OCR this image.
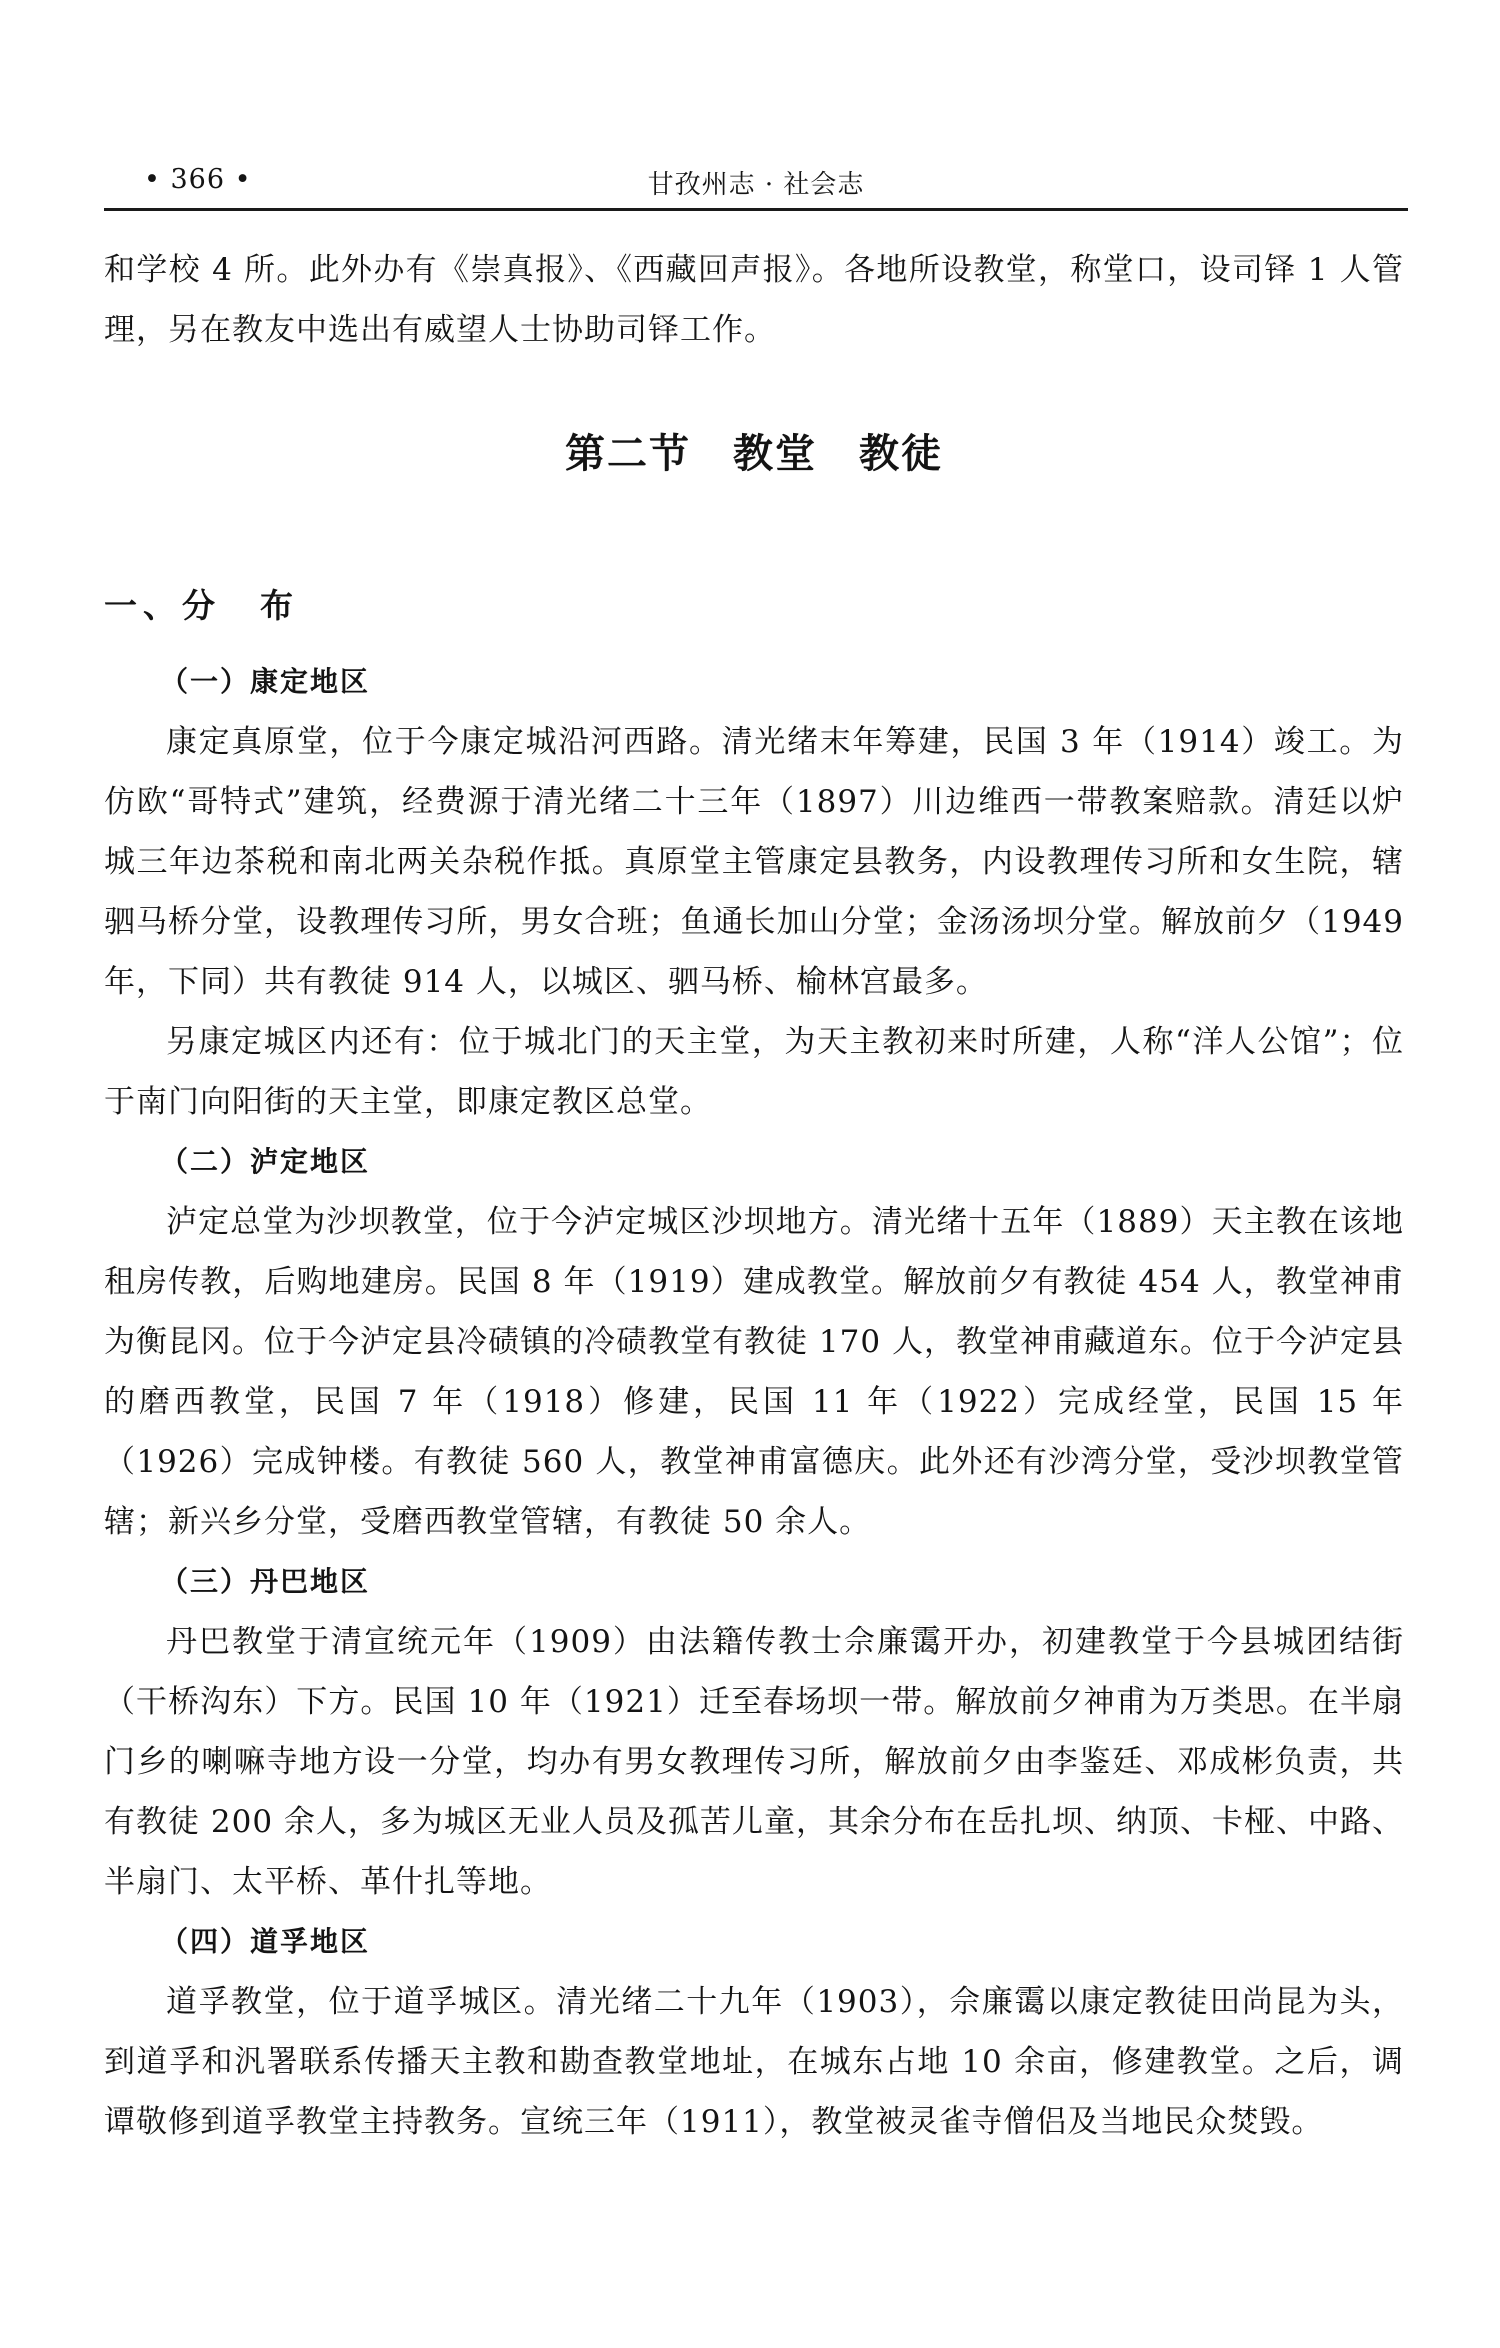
• 366 •	甘孜州志 · 社会志

和学校 4 所。此外办有《崇真报》、《西藏回声报》。各地所设教堂，称堂口，设司铎 1 人管理，另在教友中选出有威望人士协助司铎工作。

第二节　教堂　教徒
一、分　布
（一）康定地区

康定真原堂，位于今康定城沿河西路。清光绪末年筹建，民国 3 年（1914）竣工。为仿欧“哥特式”建筑，经费源于清光绪二十三年（1897）川边维西一带教案赔款。清廷以炉城三年边茶税和南北两关杂税作抵。真原堂主管康定县教务，内设教理传习所和女生院，辖驷马桥分堂，设教理传习所，男女合班；鱼通长加山分堂；金汤汤坝分堂。解放前夕（1949 年，下同）共有教徒 914 人，以城区、驷马桥、榆林宫最多。

另康定城区内还有：位于城北门的天主堂，为天主教初来时所建，人称“洋人公馆”；位于南门向阳街的天主堂，即康定教区总堂。

（二）泸定地区

泸定总堂为沙坝教堂，位于今泸定城区沙坝地方。清光绪十五年（1889）天主教在该地租房传教，后购地建房。民国 8 年（1919）建成教堂。解放前夕有教徒 454 人，教堂神甫为衡昆冈。位于今泸定县冷碛镇的冷碛教堂有教徒 170 人，教堂神甫藏道东。位于今泸定县的磨西教堂，民国 7 年（1918）修建，民国 11 年（1922）完成经堂，民国 15 年（1926）完成钟楼。有教徒 560 人，教堂神甫富德庆。此外还有沙湾分堂，受沙坝教堂管辖；新兴乡分堂，受磨西教堂管辖，有教徒 50 余人。

（三）丹巴地区

丹巴教堂于清宣统元年（1909）由法籍传教士佘廉霭开办，初建教堂于今县城团结街（干桥沟东）下方。民国 10 年（1921）迁至春场坝一带。解放前夕神甫为万类思。在半扇门乡的喇嘛寺地方设一分堂，均办有男女教理传习所，解放前夕由李鉴廷、邓成彬负责，共有教徒 200 余人，多为城区无业人员及孤苦儿童，其余分布在岳扎坝、纳顶、卡桠、中路、半扇门、太平桥、革什扎等地。

（四）道孚地区

道孚教堂，位于道孚城区。清光绪二十九年（1903），佘廉霭以康定教徒田尚昆为头，到道孚和汎署联系传播天主教和勘查教堂地址，在城东占地 10 余亩，修建教堂。之后，调谭敬修到道孚教堂主持教务。宣统三年（1911），教堂被灵雀寺僧侣及当地民众焚毁。
